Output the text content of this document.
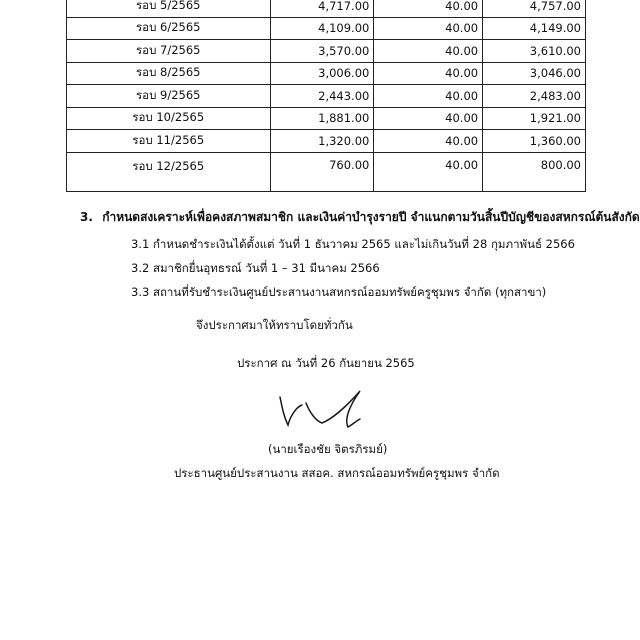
รอบ 5/2565	4,717.00	40.00	4,757.00
รอบ 6/2565	4,109.00	40.00	4,149.00
รอบ 7/2565	3,570.00	40.00	3,610.00
รอบ 8/2565	3,006.00	40.00	3,046.00
รอบ 9/2565	2,443.00	40.00	2,483.00
รอบ 10/2565	1,881.00	40.00	1,921.00
รอบ 11/2565	1,320.00	40.00	1,360.00
รอบ 12/2565	760.00	40.00	800.00
3. กำหนดสงเคราะห์เพื่อคงสภาพสมาชิก และเงินค่าบำรุงรายปี จำแนกตามวันสิ้นปีบัญชีของสหกรณ์ต้นสังกัด
3.1 กำหนดชำระเงินได้ตั้งแต่ วันที่ 1 ธันวาคม 2565 และไม่เกินวันที่ 28 กุมภาพันธ์ 2566
3.2 สมาชิกยื่นอุทธรณ์ วันที่ 1 – 31 มีนาคม 2566
3.3 สถานที่รับชำระเงินศูนย์ประสานงานสหกรณ์ออมทรัพย์ครูชุมพร จำกัด (ทุกสาขา)
จึงประกาศมาให้ทราบโดยทั่วกัน
ประกาศ ณ วันที่ 26 กันยายน 2565
(นายเรืองชัย จิตรภิรมย์)
ประธานศูนย์ประสานงาน สสอค. สหกรณ์ออมทรัพย์ครูชุมพร จำกัด
